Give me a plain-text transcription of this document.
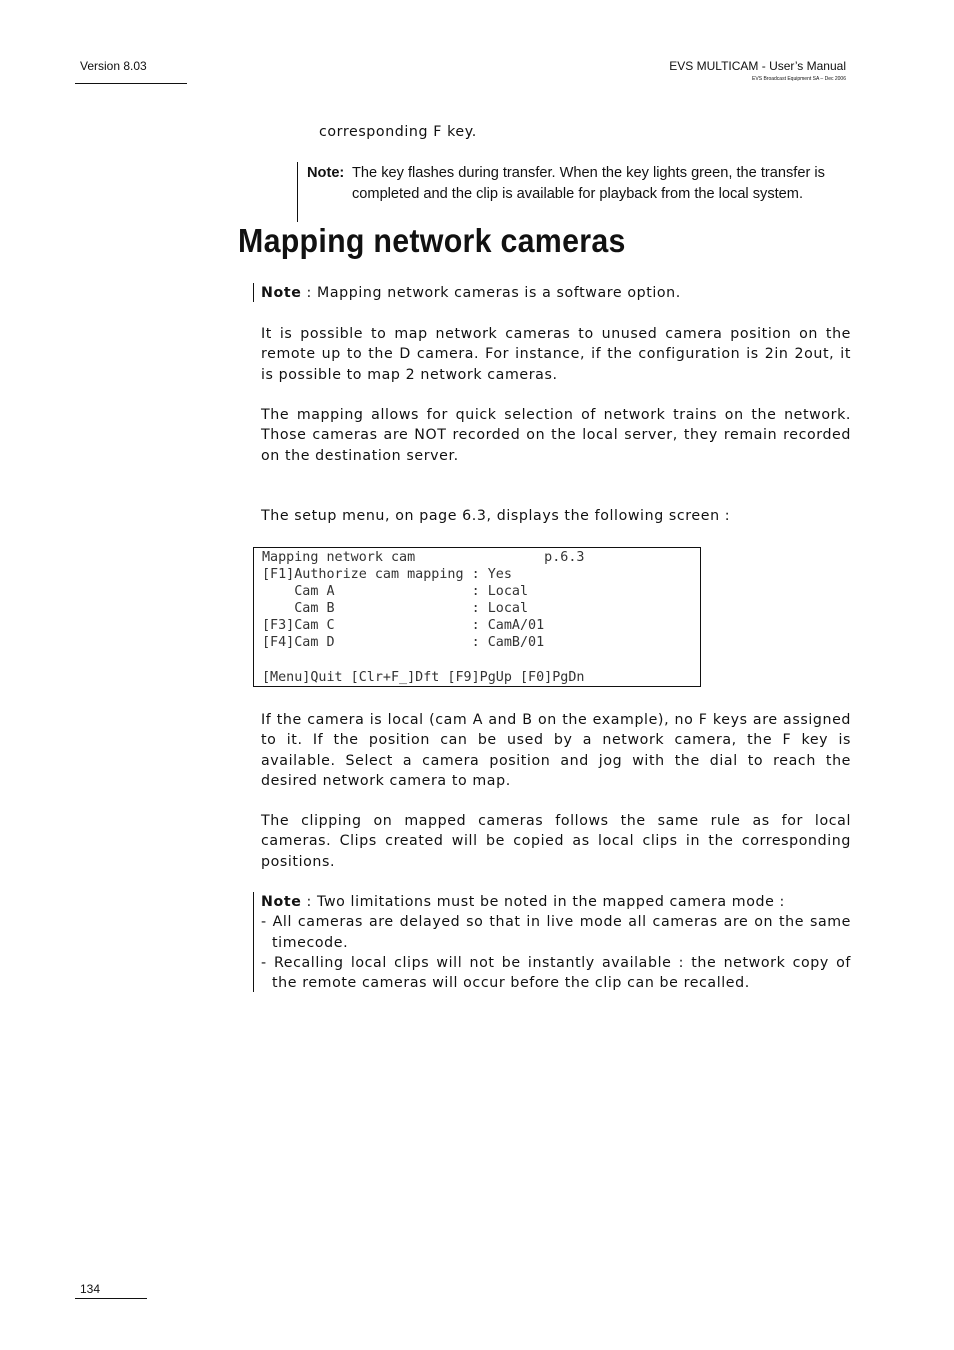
Version 8.03	EVS MULTICAM - User’s Manual
EVS Broadcast Equipment SA – Dec 2006
corresponding F key.
Note: The key flashes during transfer. When the key lights green, the transfer is completed and the clip is available for playback from the local system.
Mapping network cameras
Note : Mapping network cameras is a software option.
It is possible to map network cameras to unused camera position on the remote up to the D camera. For instance, if the configuration is 2in 2out, it is possible to map 2 network cameras.
The mapping allows for quick selection of network trains on the network. Those cameras are NOT recorded on the local server, they remain recorded on the destination server.
The setup menu, on page 6.3, displays the following screen :
Mapping network cam                p.6.3
[F1]Authorize cam mapping : Yes
Cam A                 : Local
Cam B                 : Local
[F3]Cam C                 : CamA/01
[F4]Cam D                 : CamB/01
[Menu]Quit [Clr+F_]Dft [F9]PgUp [F0]PgDn
If the camera is local (cam A and B on the example), no F keys are assigned to it. If the position can be used by a network camera, the F key is available. Select a camera position and jog with the dial to reach the desired network camera to map.
The clipping on mapped cameras follows the same rule as for local cameras. Clips created will be copied as local clips in the corresponding positions.
Note : Two limitations must be noted in the mapped camera mode :
- All cameras are delayed so that in live mode all cameras are on the same timecode.
- Recalling local clips will not be instantly available : the network copy of the remote cameras will occur before the clip can be recalled.
134
